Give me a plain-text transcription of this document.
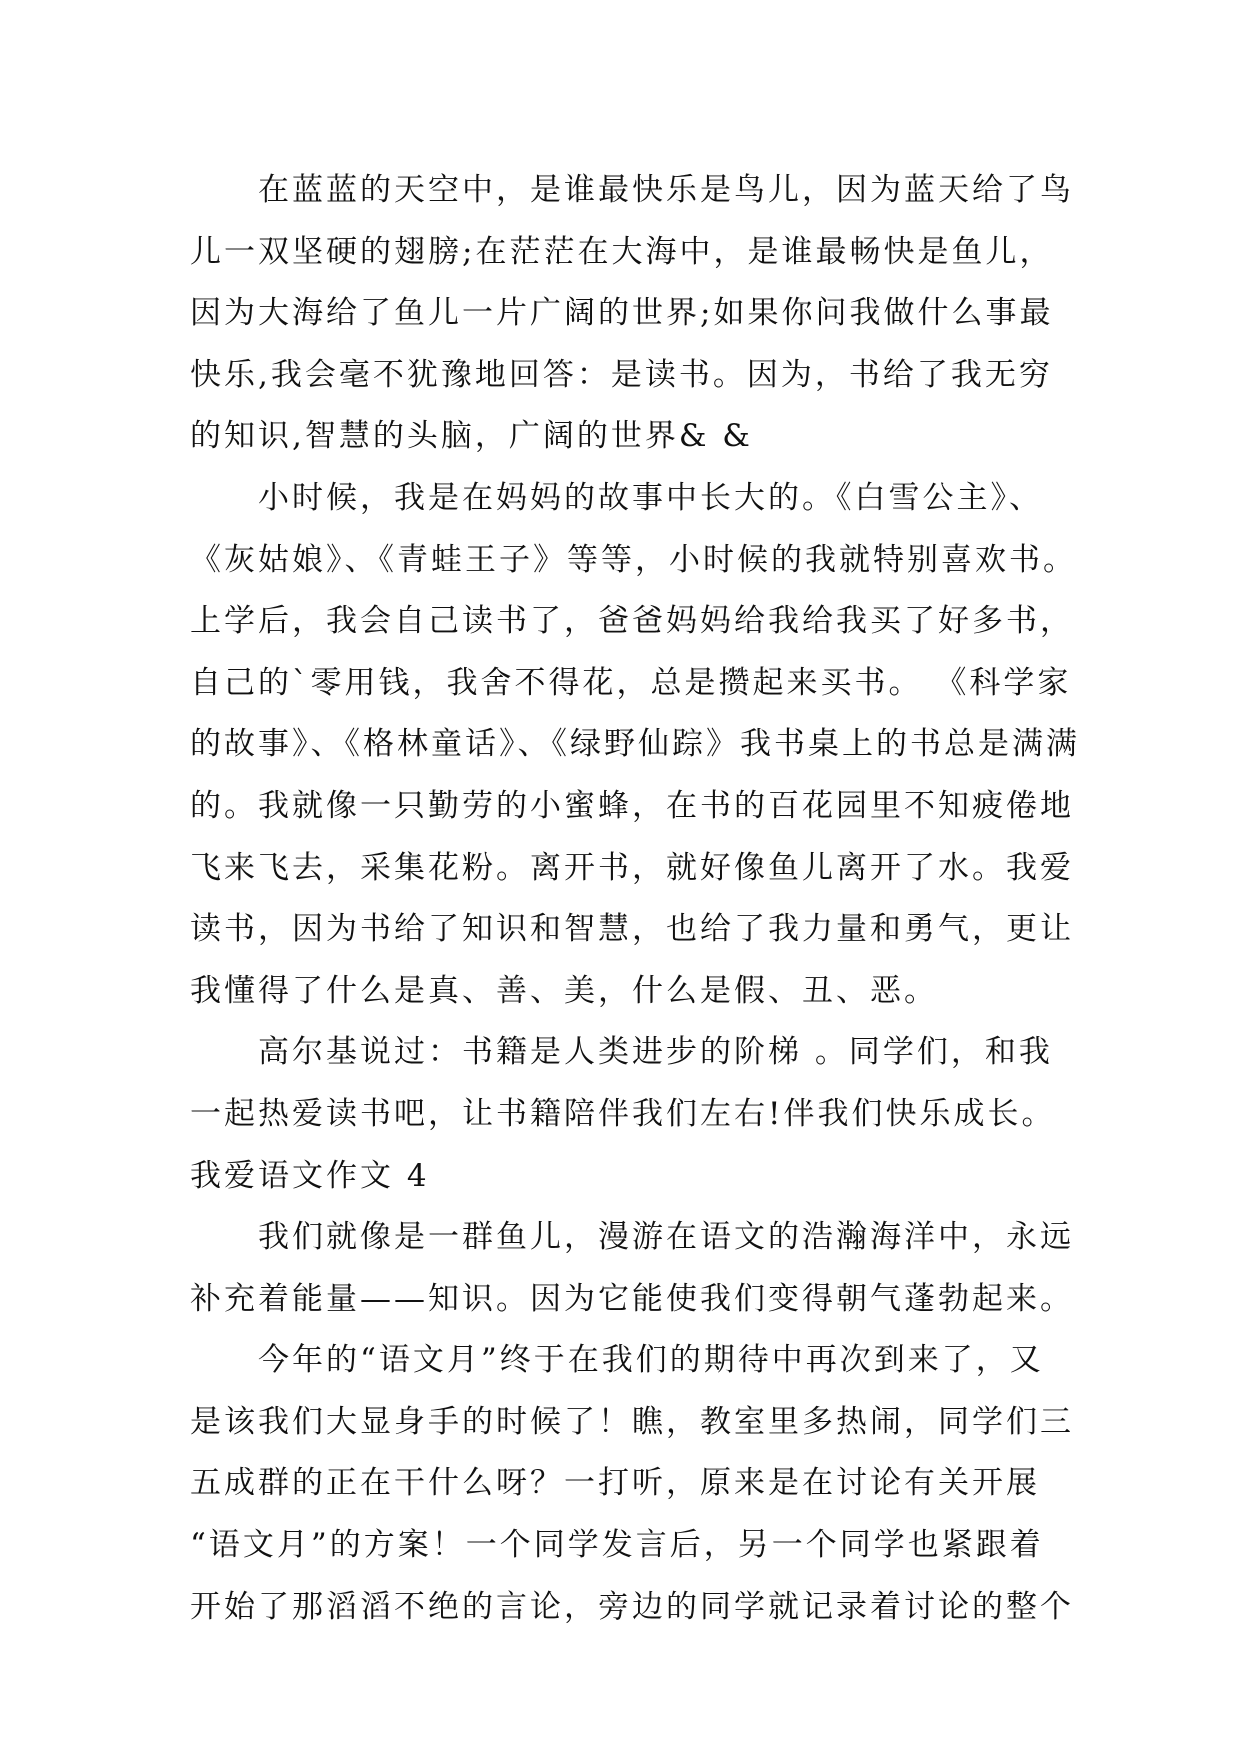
在蓝蓝的天空中，是谁最快乐是鸟儿，因为蓝天给了鸟
儿一双坚硬的翅膀;在茫茫在大海中，是谁最畅快是鱼儿，
因为大海给了鱼儿一片广阔的世界;如果你问我做什么事最
快乐,我会毫不犹豫地回答：是读书。因为，书给了我无穷
的知识,智慧的头脑，广阔的世界& &
小时候，我是在妈妈的故事中长大的。《白雪公主》、
《灰姑娘》、《青蛙王子》等等，小时候的我就特别喜欢书。
上学后，我会自己读书了，爸爸妈妈给我给我买了好多书，
自己的`零用钱，我舍不得花，总是攒起来买书。 《科学家
的故事》、《格林童话》、《绿野仙踪》我书桌上的书总是满满
的。我就像一只勤劳的小蜜蜂，在书的百花园里不知疲倦地
飞来飞去，采集花粉。离开书，就好像鱼儿离开了水。我爱
读书，因为书给了知识和智慧，也给了我力量和勇气，更让
我懂得了什么是真、善、美，什么是假、丑、恶。
高尔基说过：书籍是人类进步的阶梯 。同学们，和我
一起热爱读书吧，让书籍陪伴我们左右!伴我们快乐成长。
我爱语文作文 4
我们就像是一群鱼儿，漫游在语文的浩瀚海洋中，永远
补充着能量——知识。因为它能使我们变得朝气蓬勃起来。
今年的“语文月”终于在我们的期待中再次到来了，又
是该我们大显身手的时候了！瞧，教室里多热闹，同学们三
五成群的正在干什么呀？一打听，原来是在讨论有关开展
“语文月”的方案！一个同学发言后，另一个同学也紧跟着
开始了那滔滔不绝的言论，旁边的同学就记录着讨论的整个
